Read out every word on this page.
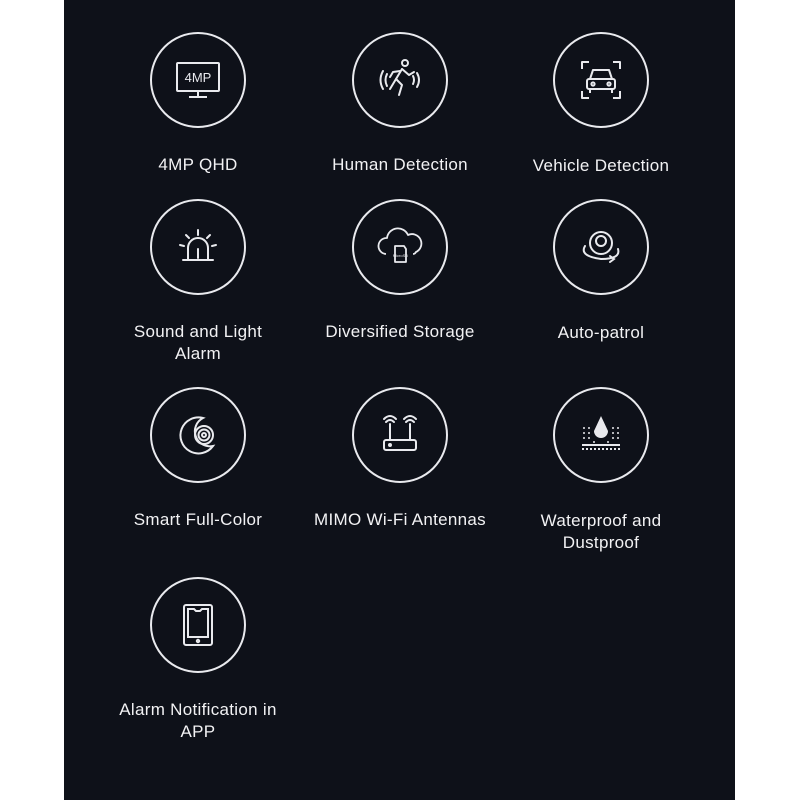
4MP
4MP QHD	Human Detection	Vehicle Detection
Sound and Light
Alarm
MicroSD
Diversified Storage	Auto-patrol
Smart Full-Color	MIMO Wi-Fi Antennas	Waterproof and
Dustproof
Alarm Notification in
APP
